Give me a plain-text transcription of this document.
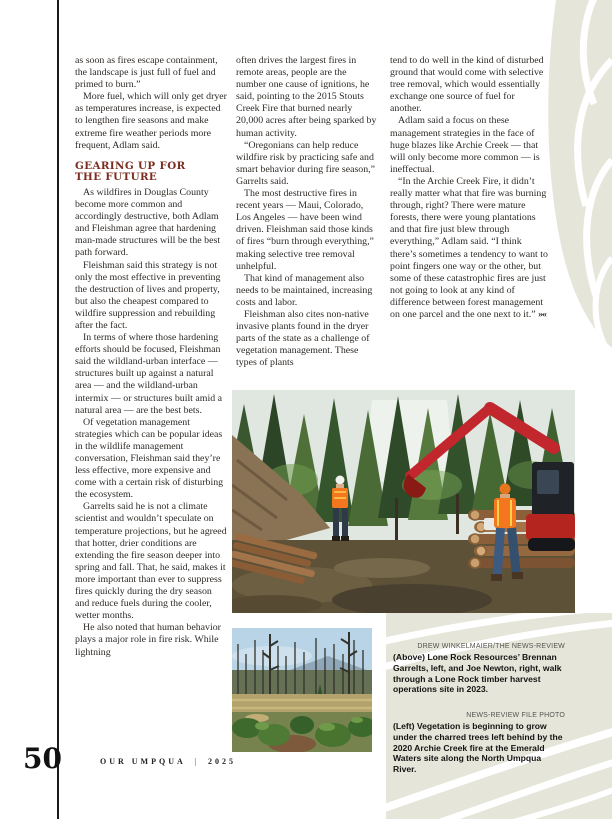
as soon as fires escape containment, the landscape is just full of fuel and primed to burn.”

More fuel, which will only get dryer as temperatures increase, is expected to lengthen fire seasons and make extreme fire weather periods more frequent, Adlam said.

GEARING UP FOR
THE FUTURE

As wildfires in Douglas County become more common and accordingly destructive, both Adlam and Fleishman agree that hardening man-made structures will be the best path forward.

Fleishman said this strategy is not only the most effective in preventing the destruction of lives and property, but also the cheapest compared to wildfire suppression and rebuilding after the fact.

In terms of where those hardening efforts should be focused, Fleishman said the wildland-urban interface — structures built up against a natural area — and the wildland-urban intermix — or structures built amid a natural area — are the best bets.

Of vegetation management strategies which can be popular ideas in the wildlife management conversation, Fleishman said they’re less effective, more expensive and come with a certain risk of disturbing the ecosystem.

Garrelts said he is not a climate scientist and wouldn’t speculate on temperature projections, but he agreed that hotter, drier conditions are extending the fire season deeper into spring and fall. That, he said, makes it more important than ever to suppress fires quickly during the dry season and reduce fuels during the cooler, wetter months.

He also noted that human behavior plays a major role in fire risk. While lightning

often drives the largest fires in remote areas, people are the number one cause of ignitions, he said, pointing to the 2015 Stouts Creek Fire that burned nearly 20,000 acres after being sparked by human activity.

“Oregonians can help reduce wildfire risk by practicing safe and smart behavior during fire season,” Garrelts said.

The most destructive fires in recent years — Maui, Colorado, Los Angeles — have been wind driven. Fleishman said those kinds of fires “burn through everything,” making selective tree removal unhelpful.

That kind of management also needs to be maintained, increasing costs and labor.

Fleishman also cites non-native invasive plants found in the dryer parts of the state as a challenge of vegetation management. These types of plants

tend to do well in the kind of disturbed ground that would come with selective tree removal, which would essentially exchange one source of fuel for another.

Adlam said a focus on these management strategies in the face of huge blazes like Archie Creek — that will only become more common — is ineffectual.

“In the Archie Creek Fire, it didn’t really matter what that fire was burning through, right? There were mature forests, there were young plantations and that fire just blew through everything,” Adlam said. “I think there’s sometimes a tendency to want to point fingers one way or the other, but some of these catastrophic fires are just not going to look at any kind of difference between forest management on one parcel and the one next to it.” »«

DREW WINKELMAIER/THE NEWS-REVIEW

(Above) Lone Rock Resources’ Brennan Garrelts, left, and Joe Newton, right, walk through a Lone Rock timber harvest operations site in 2023.

NEWS-REVIEW FILE PHOTO

(Left) Vegetation is beginning to grow under the charred trees left behind by the 2020 Archie Creek fire at the Emerald Waters site along the North Umpqua River.

50	OUR UMPQUA | 2025
